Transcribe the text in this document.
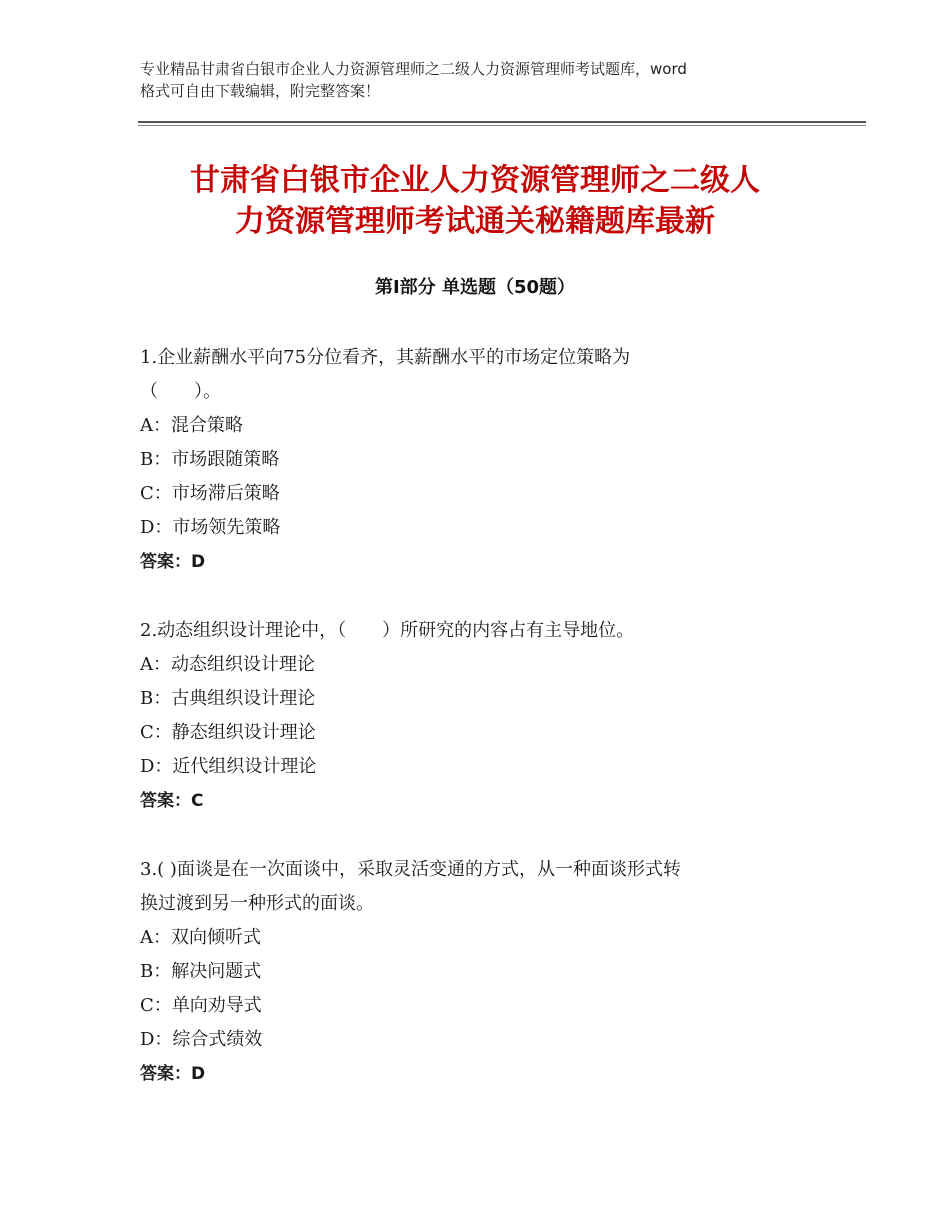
专业精品甘肃省白银市企业人力资源管理师之二级人力资源管理师考试题库，word
格式可自由下载编辑，附完整答案！
甘肃省白银市企业人力资源管理师之二级人
力资源管理师考试通关秘籍题库最新
第Ⅰ部分 单选题（50题）
1.企业薪酬水平向75分位看齐，其薪酬水平的市场定位策略为
（　　）。
A：混合策略
B：市场跟随策略
C：市场滞后策略
D：市场领先策略
答案：D
2.动态组织设计理论中，（　　）所研究的内容占有主导地位。
A：动态组织设计理论
B：古典组织设计理论
C：静态组织设计理论
D：近代组织设计理论
答案：C
3.( )面谈是在一次面谈中，采取灵活变通的方式，从一种面谈形式转
换过渡到另一种形式的面谈。
A：双向倾听式
B：解决问题式
C：单向劝导式
D：综合式绩效
答案：D
